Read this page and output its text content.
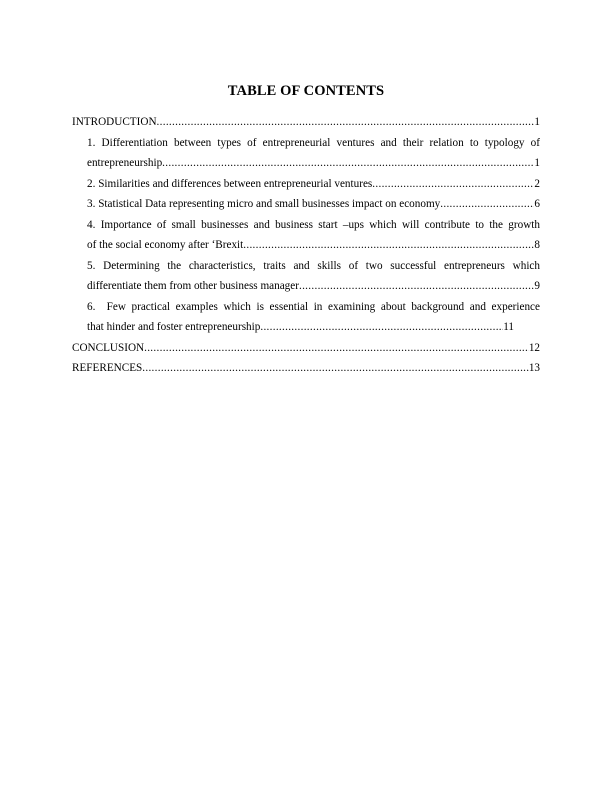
TABLE OF CONTENTS
INTRODUCTION .....	1
1. Differentiation between types of entrepreneurial ventures and their relation to typology of
entrepreneurship .....	1
2. Similarities and differences between entrepreneurial ventures .....	2
3. Statistical Data representing micro and small businesses impact on economy .....	6
4. Importance of small businesses and business start –ups which will contribute to the growth
of the social economy after ‘Brexit .....	8
5. Determining the characteristics, traits and skills of two successful entrepreneurs which
differentiate them from other business manager .....	9
6.  Few practical examples which is essential in examining about background and experience
that hinder and foster entrepreneurship .....	11
CONCLUSION .....	12
REFERENCES .....	13
